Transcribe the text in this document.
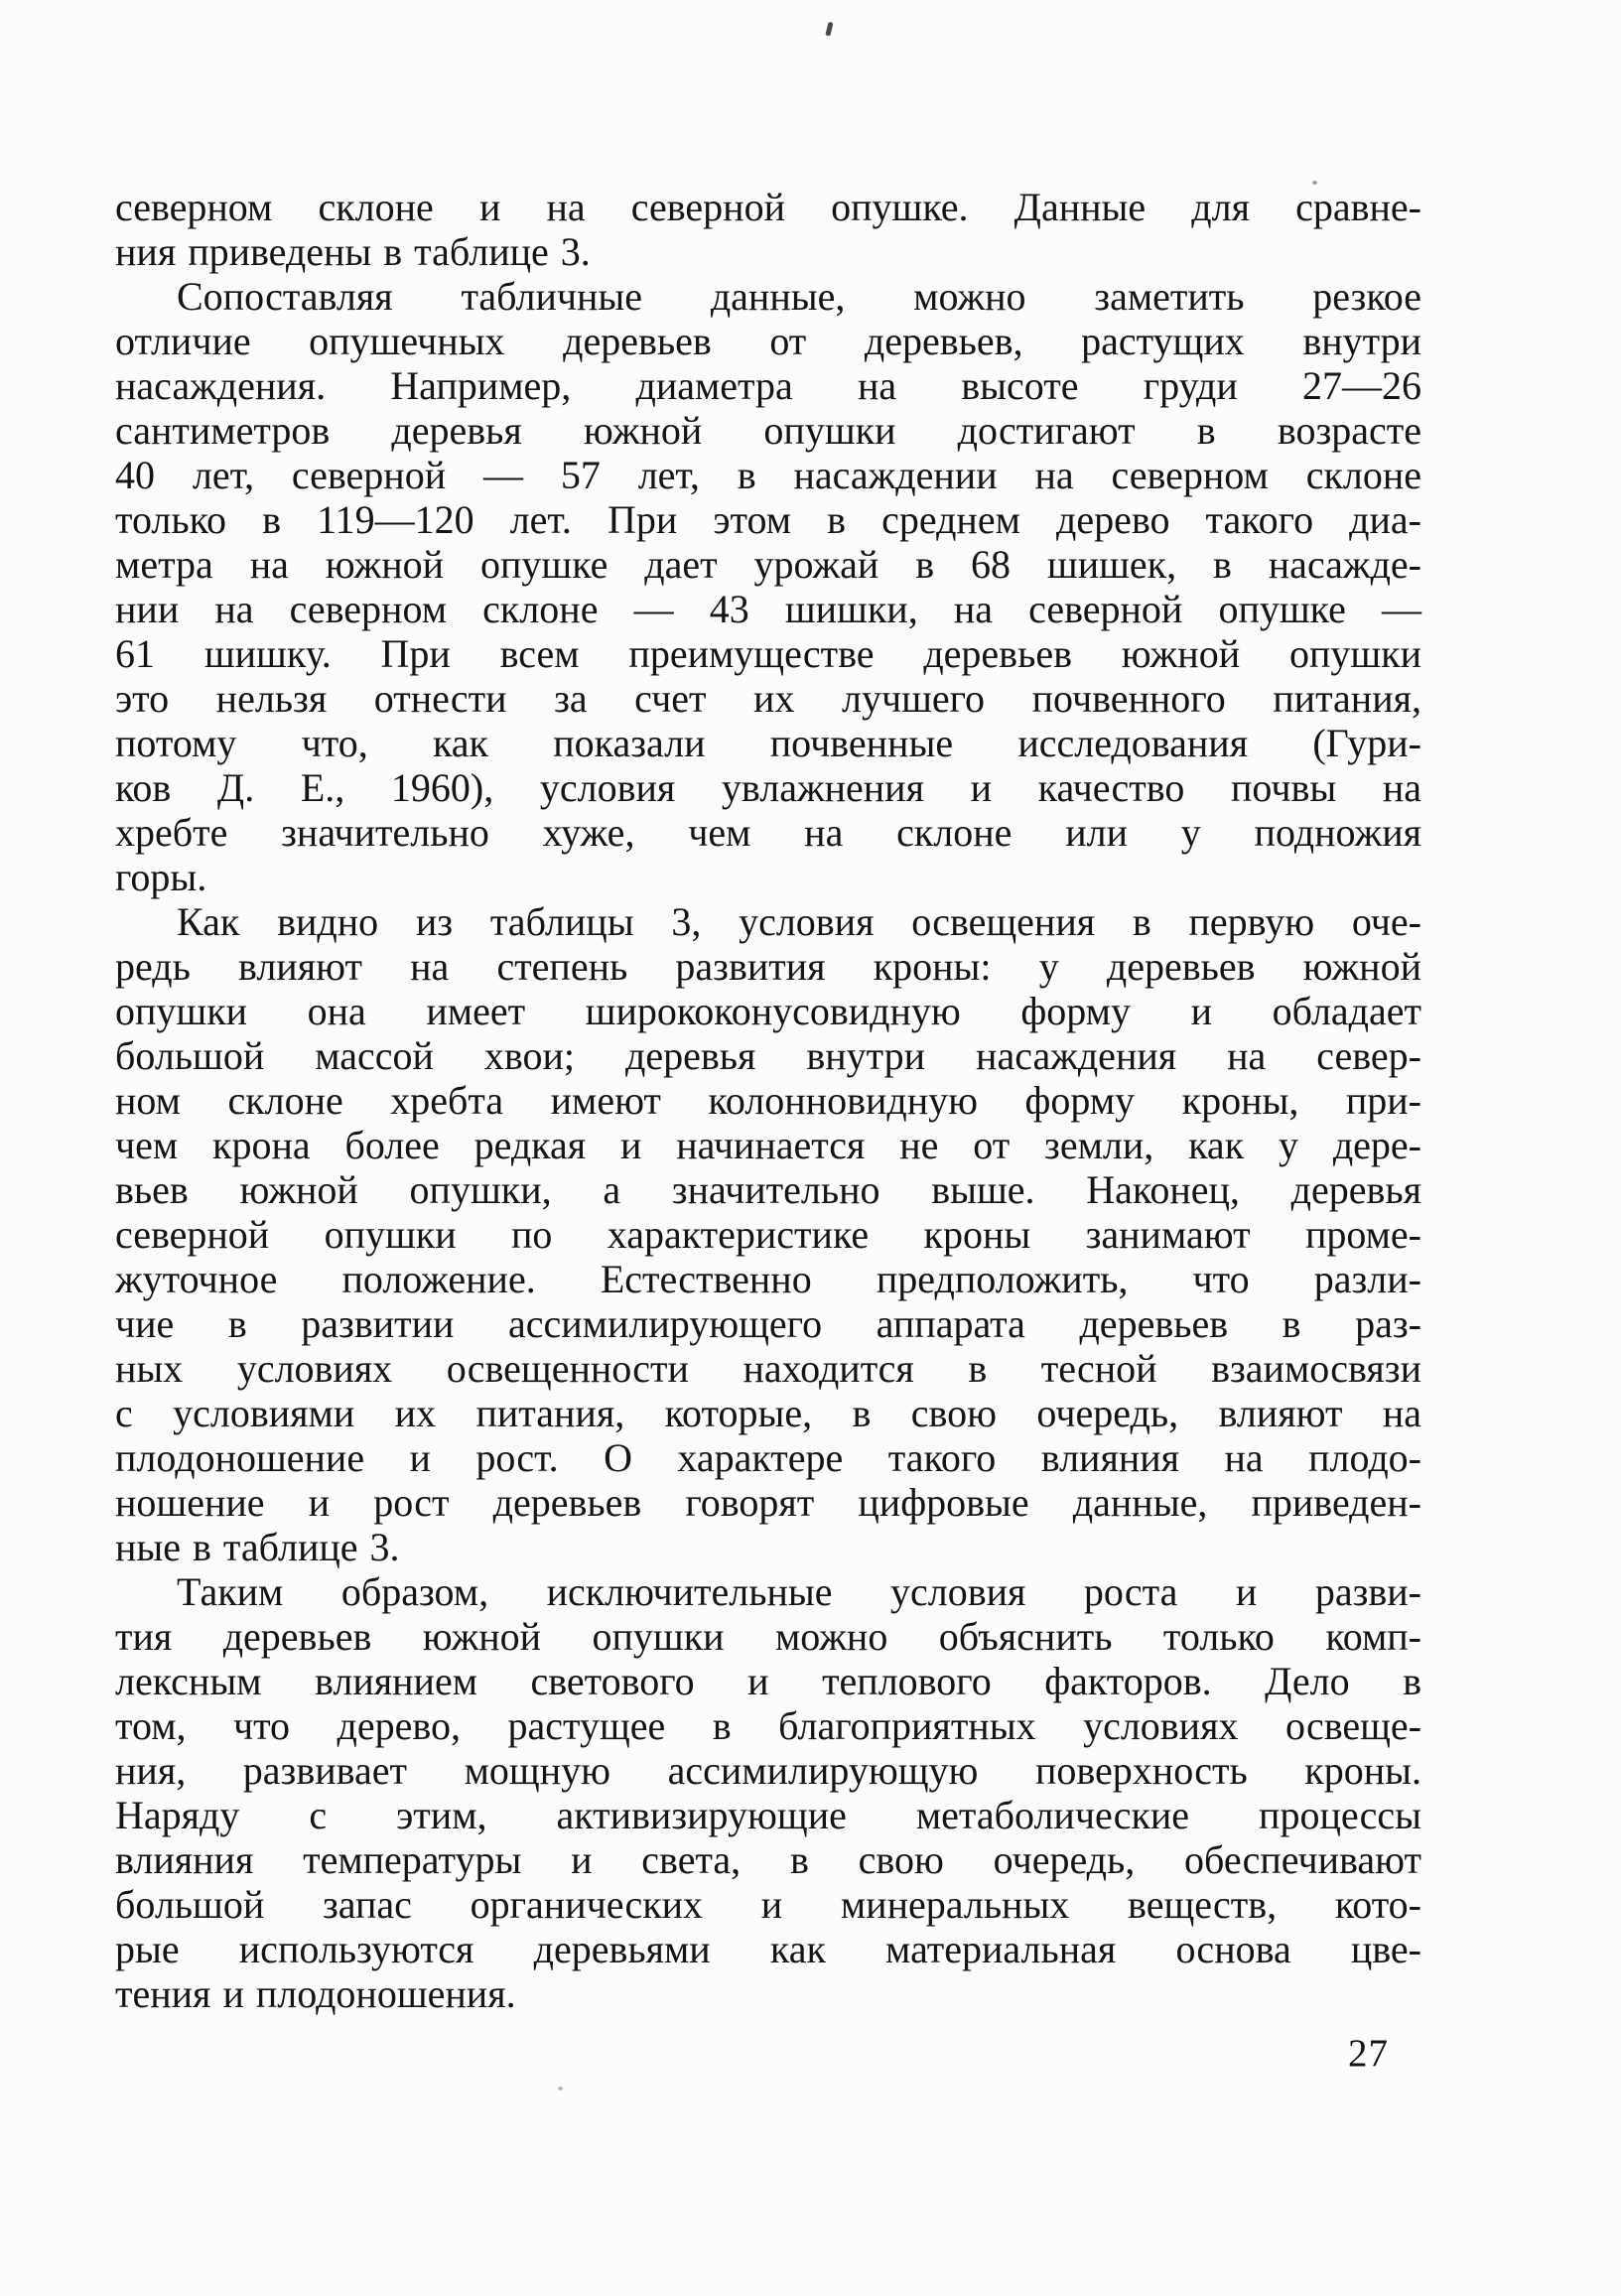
северном склоне и на северной опушке. Данные для сравне-
ния приведены в таблице 3.
Сопоставляя табличные данные, можно заметить резкое
отличие опушечных деревьев от деревьев, растущих внутри
насаждения. Например, диаметра на высоте груди 27—26
сантиметров деревья южной опушки достигают в возрасте
40 лет, северной — 57 лет, в насаждении на северном склоне
только в 119—120 лет. При этом в среднем дерево такого диа-
метра на южной опушке дает урожай в 68 шишек, в насажде-
нии на северном склоне — 43 шишки, на северной опушке —
61 шишку. При всем преимуществе деревьев южной опушки
это нельзя отнести за счет их лучшего почвенного питания,
потому что, как показали почвенные исследования (Гури-
ков Д. Е., 1960), условия увлажнения и качество почвы на
хребте значительно хуже, чем на склоне или у подножия
горы.
Как видно из таблицы 3, условия освещения в первую оче-
редь влияют на степень развития кроны: у деревьев южной
опушки она имеет ширококонусовидную форму и обладает
большой массой хвои; деревья внутри насаждения на север-
ном склоне хребта имеют колонновидную форму кроны, при-
чем крона более редкая и начинается не от земли, как у дере-
вьев южной опушки, а значительно выше. Наконец, деревья
северной опушки по характеристике кроны занимают проме-
жуточное положение. Естественно предположить, что разли-
чие в развитии ассимилирующего аппарата деревьев в раз-
ных условиях освещенности находится в тесной взаимосвязи
с условиями их питания, которые, в свою очередь, влияют на
плодоношение и рост. О характере такого влияния на плодо-
ношение и рост деревьев говорят цифровые данные, приведен-
ные в таблице 3.
Таким образом, исключительные условия роста и разви-
тия деревьев южной опушки можно объяснить только комп-
лексным влиянием светового и теплового факторов. Дело в
том, что дерево, растущее в благоприятных условиях освеще-
ния, развивает мощную ассимилирующую поверхность кроны.
Наряду с этим, активизирующие метаболические процессы
влияния температуры и света, в свою очередь, обеспечивают
большой запас органических и минеральных веществ, кото-
рые используются деревьями как материальная основа цве-
тения и плодоношения.
27
